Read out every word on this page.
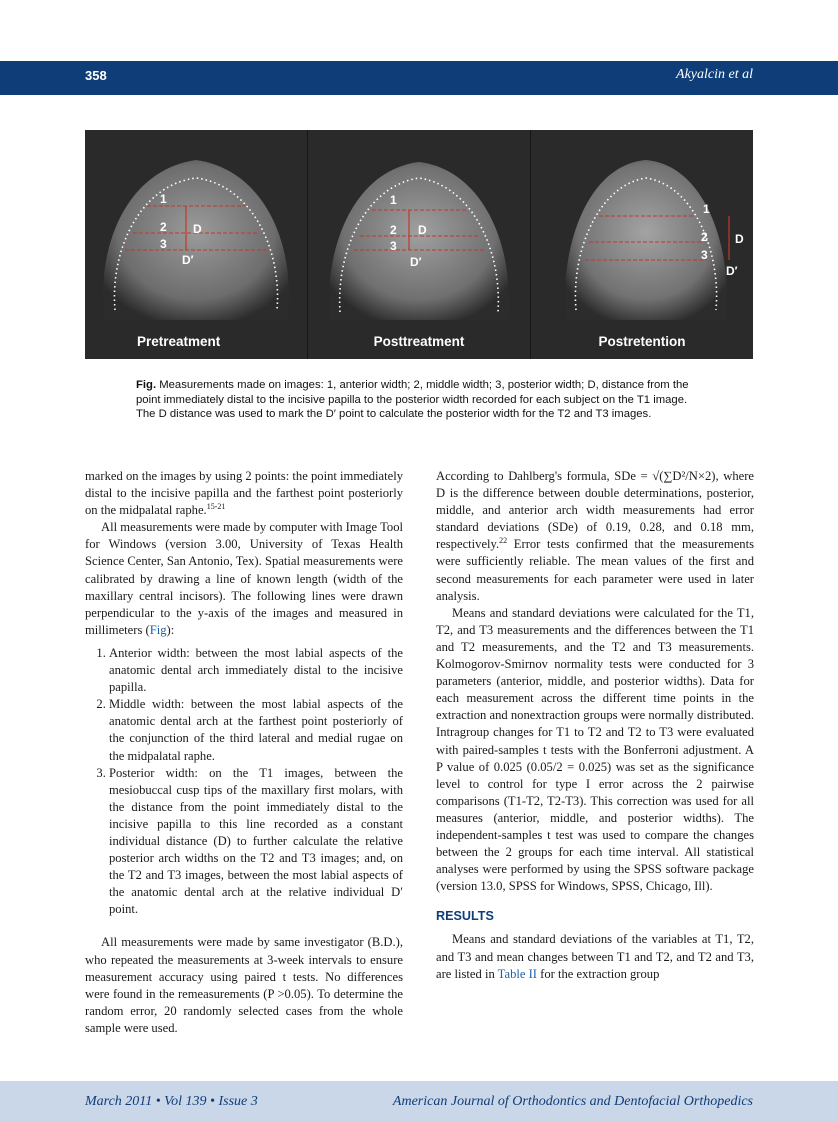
358	Akyalcin et al
1
2
3
D
D′
Pretreatment
1
2
3
D
D′
Posttreatment
1
2
3
D
D′
Postretention
Fig. Measurements made on images: 1, anterior width; 2, middle width; 3, posterior width; D, distance from the point immediately distal to the incisive papilla to the posterior width recorded for each subject on the T1 image. The D distance was used to mark the D′ point to calculate the posterior width for the T2 and T3 images.

marked on the images by using 2 points: the point immediately distal to the incisive papilla and the farthest point posteriorly on the midpalatal raphe.$^{15-21}$

All measurements were made by computer with Image Tool for Windows (version 3.00, University of Texas Health Science Center, San Antonio, Tex). Spatial measurements were calibrated by drawing a line of known length (width of the maxillary central incisors). The following lines were drawn perpendicular to the y-axis of the images and measured in millimeters (Fig):

1. Anterior width: between the most labial aspects of the anatomic dental arch immediately distal to the incisive papilla.
2. Middle width: between the most labial aspects of the anatomic dental arch at the farthest point posteriorly of the conjunction of the third lateral and medial rugae on the midpalatal raphe.
3. Posterior width: on the T1 images, between the mesiobuccal cusp tips of the maxillary first molars, with the distance from the point immediately distal to the incisive papilla to this line recorded as a constant individual distance (D) to further calculate the relative posterior arch widths on the T2 and T3 images; and, on the T2 and T3 images, between the most labial aspects of the anatomic dental arch at the relative individual D′ point.

All measurements were made by same investigator (B.D.), who repeated the measurements at 3-week intervals to ensure measurement accuracy using paired t tests. No differences were found in the remeasurements (P >0.05). To determine the random error, 20 randomly selected cases from the whole sample were used.

According to Dahlberg's formula, SDe = √(∑D²/N×2), where D is the difference between double determinations, posterior, middle, and anterior arch width measurements had error standard deviations (SDe) of 0.19, 0.28, and 0.18 mm, respectively.$^{22}$ Error tests confirmed that the measurements were sufficiently reliable. The mean values of the first and second measurements for each parameter were used in later analysis.

Means and standard deviations were calculated for the T1, T2, and T3 measurements and the differences between the T1 and T2 measurements, and the T2 and T3 measurements. Kolmogorov-Smirnov normality tests were conducted for 3 parameters (anterior, middle, and posterior widths). Data for each measurement across the different time points in the extraction and nonextraction groups were normally distributed. Intragroup changes for T1 to T2 and T2 to T3 were evaluated with paired-samples t tests with the Bonferroni adjustment. A P value of 0.025 (0.05/2 = 0.025) was set as the significance level to control for type I error across the 2 pairwise comparisons (T1-T2, T2-T3). This correction was used for all measures (anterior, middle, and posterior widths). The independent-samples t test was used to compare the changes between the 2 groups for each time interval. All statistical analyses were performed by using the SPSS software package (version 13.0, SPSS for Windows, SPSS, Chicago, Ill).

RESULTS

Means and standard deviations of the variables at T1, T2, and T3 and mean changes between T1 and T2, and T2 and T3, are listed in Table II for the extraction group

March 2011 • Vol 139 • Issue 3	American Journal of Orthodontics and Dentofacial Orthopedics
